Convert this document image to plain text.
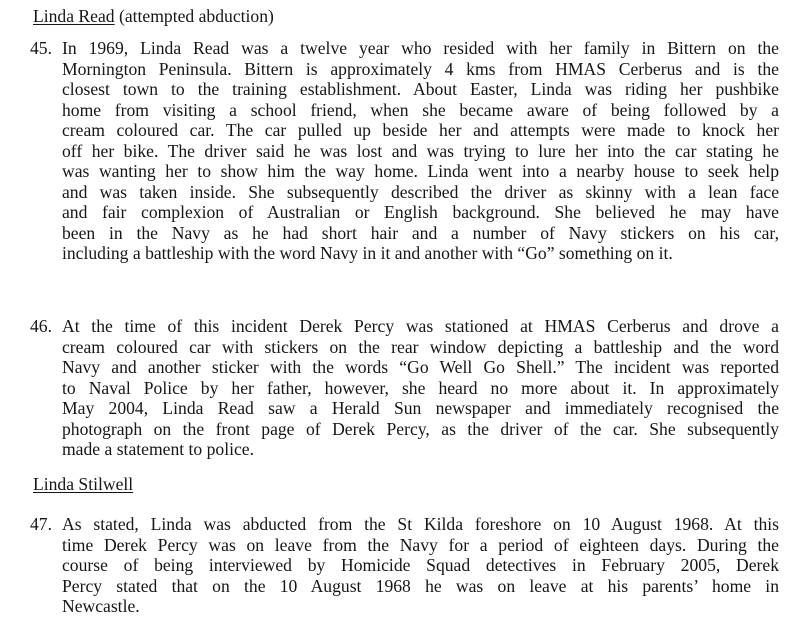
Linda Read (attempted abduction)
45. In 1969, Linda Read was a twelve year who resided with her family in Bittern on the
Mornington Peninsula. Bittern is approximately 4 kms from HMAS Cerberus and is the
closest town to the training establishment. About Easter, Linda was riding her pushbike
home from visiting a school friend, when she became aware of being followed by a
cream coloured car. The car pulled up beside her and attempts were made to knock her
off her bike. The driver said he was lost and was trying to lure her into the car stating he
was wanting her to show him the way home. Linda went into a nearby house to seek help
and was taken inside. She subsequently described the driver as skinny with a lean face
and fair complexion of Australian or English background. She believed he may have
been in the Navy as he had short hair and a number of Navy stickers on his car,
including a battleship with the word Navy in it and another with “Go” something on it.
46. At the time of this incident Derek Percy was stationed at HMAS Cerberus and drove a
cream coloured car with stickers on the rear window depicting a battleship and the word
Navy and another sticker with the words “Go Well Go Shell.” The incident was reported
to Naval Police by her father, however, she heard no more about it. In approximately
May 2004, Linda Read saw a Herald Sun newspaper and immediately recognised the
photograph on the front page of Derek Percy, as the driver of the car. She subsequently
made a statement to police.
Linda Stilwell
47. As stated, Linda was abducted from the St Kilda foreshore on 10 August 1968. At this
time Derek Percy was on leave from the Navy for a period of eighteen days. During the
course of being interviewed by Homicide Squad detectives in February 2005, Derek
Percy stated that on the 10 August 1968 he was on leave at his parents’ home in
Newcastle.
